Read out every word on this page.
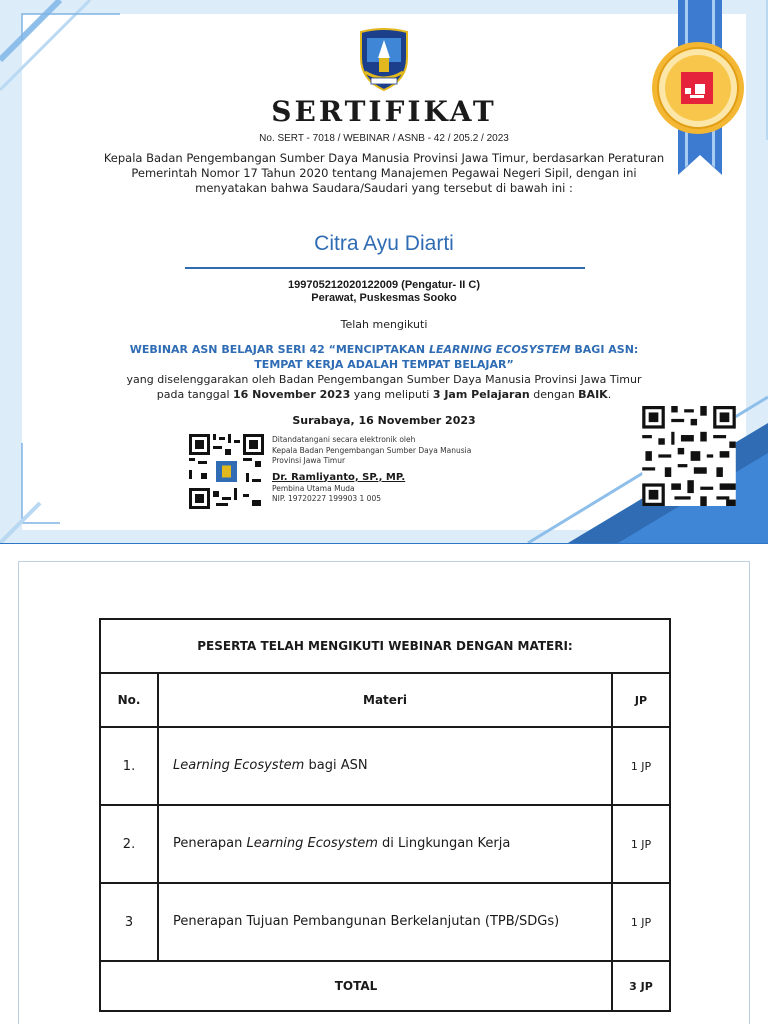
SERTIFIKAT
No. SERT - 7018 / WEBINAR / ASNB - 42 / 205.2 / 2023
Kepala Badan Pengembangan Sumber Daya Manusia Provinsi Jawa Timur, berdasarkan Peraturan Pemerintah Nomor 17 Tahun 2020 tentang Manajemen Pegawai Negeri Sipil, dengan ini menyatakan bahwa Saudara/Saudari yang tersebut di bawah ini :
Citra Ayu Diarti
199705212020122009 (Pengatur- II C)
Perawat, Puskesmas Sooko
Telah mengikuti
WEBINAR ASN BELAJAR SERI 42 “MENCIPTAKAN LEARNING ECOSYSTEM BAGI ASN:
TEMPAT KERJA ADALAH TEMPAT BELAJAR”
yang diselenggarakan oleh Badan Pengembangan Sumber Daya Manusia Provinsi Jawa Timur
pada tanggal 16 November 2023 yang meliputi 3 Jam Pelajaran dengan BAIK.
Surabaya, 16 November 2023
Ditandatangani secara elektronik oleh
Kepala Badan Pengembangan Sumber Daya Manusia
Provinsi Jawa Timur
Dr. Ramliyanto, SP., MP.
Pembina Utama Muda
NIP. 19720227 199903 1 005
PESERTA TELAH MENGIKUTI WEBINAR DENGAN MATERI:		
No.	Materi	JP
1.	Learning Ecosystem bagi ASN	1 JP
2.	Penerapan Learning Ecosystem di Lingkungan Kerja	1 JP
3	Penerapan Tujuan Pembangunan Berkelanjutan (TPB/SDGs)	1 JP
TOTAL		3 JP
